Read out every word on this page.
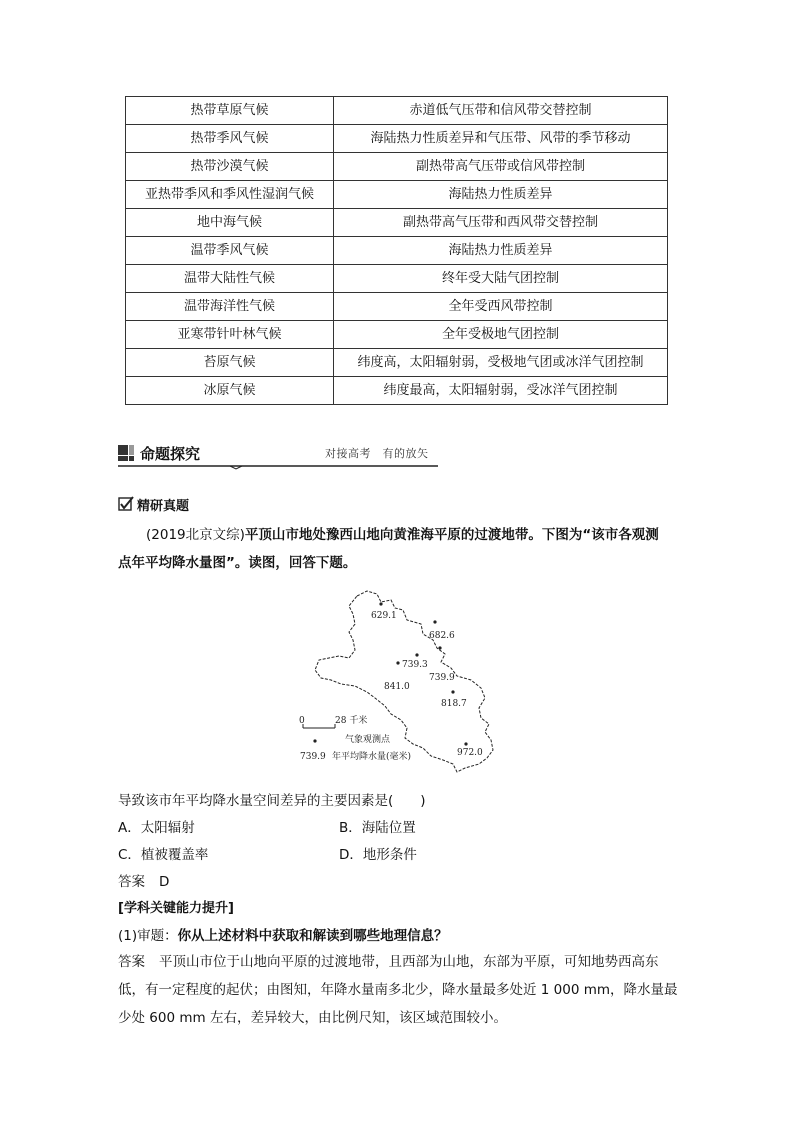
热带草原气候	赤道低气压带和信风带交替控制
热带季风气候	海陆热力性质差异和气压带、风带的季节移动
热带沙漠气候	副热带高气压带或信风带控制
亚热带季风和季风性湿润气候	海陆热力性质差异
地中海气候	副热带高气压带和西风带交替控制
温带季风气候	海陆热力性质差异
温带大陆性气候	终年受大陆气团控制
温带海洋性气候	全年受西风带控制
亚寒带针叶林气候	全年受极地气团控制
苔原气候	纬度高，太阳辐射弱，受极地气团或冰洋气团控制
冰原气候	纬度最高，太阳辐射弱，受冰洋气团控制
命题探究	对接高考　有的放矢
精研真题
(2019北京文综)平顶山市地处豫西山地向黄淮海平原的过渡地带。下图为“该市各观测
点年平均降水量图”。读图，回答下题。
629.1
682.6
739.3
739.9
841.0
818.7
972.0
0	28 千米
气象观测点
739.9 年平均降水量(毫米)
导致该市年平均降水量空间差异的主要因素是(　　)
A．太阳辐射	B．海陆位置
C．植被覆盖率	D．地形条件
答案 D
[学科关键能力提升]
(1)审题：你从上述材料中获取和解读到哪些地理信息？
答案 平顶山市位于山地向平原的过渡地带，且西部为山地，东部为平原，可知地势西高东
低，有一定程度的起伏；由图知，年降水量南多北少，降水量最多处近 1 000 mm，降水量最
少处 600 mm 左右，差异较大，由比例尺知，该区域范围较小。
